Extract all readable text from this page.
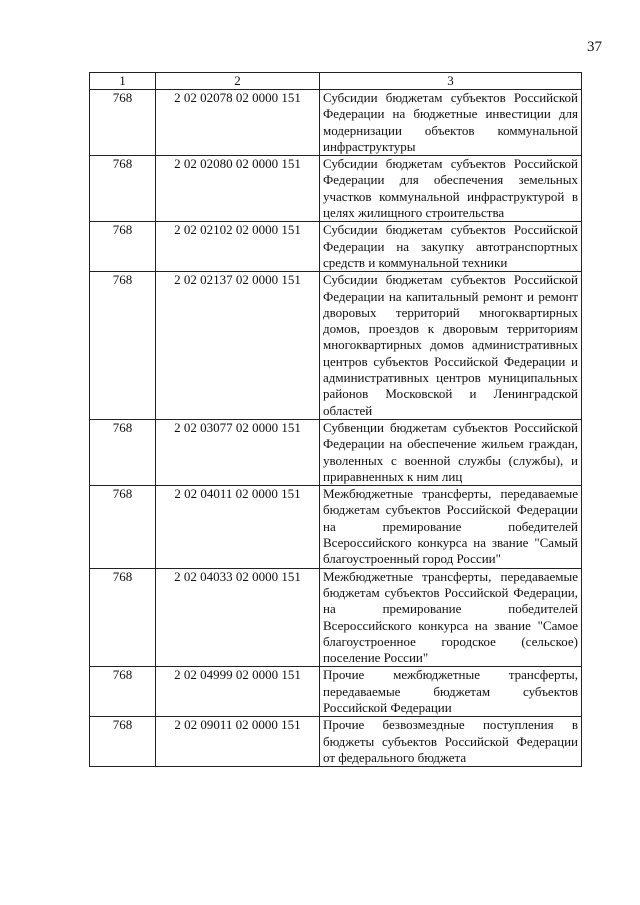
37
1	2	3
768	2 02 02078 02 0000 151	Субсидии бюджетам субъектов Российской Федерации на бюджетные инвестиции для модернизации объектов коммунальной инфраструктуры
768	2 02 02080 02 0000 151	Субсидии бюджетам субъектов Российской Федерации для обеспечения земельных участков коммунальной инфраструктурой в целях жилищного строительства
768	2 02 02102 02 0000 151	Субсидии бюджетам субъектов Российской Федерации на закупку автотранспортных средств и коммунальной техники
768	2 02 02137 02 0000 151	Субсидии бюджетам субъектов Российской Федерации на капитальный ремонт и ремонт дворовых территорий многоквартирных домов, проездов к дворовым территориям многоквартирных домов административных центров субъектов Российской Федерации и административных центров муниципальных районов Московской и Ленинградской областей
768	2 02 03077 02 0000 151	Субвенции бюджетам субъектов Российской Федерации на обеспечение жильем граждан, уволенных с военной службы (службы), и приравненных к ним лиц
768	2 02 04011 02 0000 151	Межбюджетные трансферты, передаваемые бюджетам субъектов Российской Федерации на премирование победителей Всероссийского конкурса на звание "Самый благоустроенный город России"
768	2 02 04033 02 0000 151	Межбюджетные трансферты, передаваемые бюджетам субъектов Российской Федерации, на премирование победителей Всероссийского конкурса на звание "Самое благоустроенное городское (сельское) поселение России"
768	2 02 04999 02 0000 151	Прочие межбюджетные трансферты, передаваемые бюджетам субъектов Российской Федерации
768	2 02 09011 02 0000 151	Прочие безвозмездные поступления в бюджеты субъектов Российской Федерации от федерального бюджета
